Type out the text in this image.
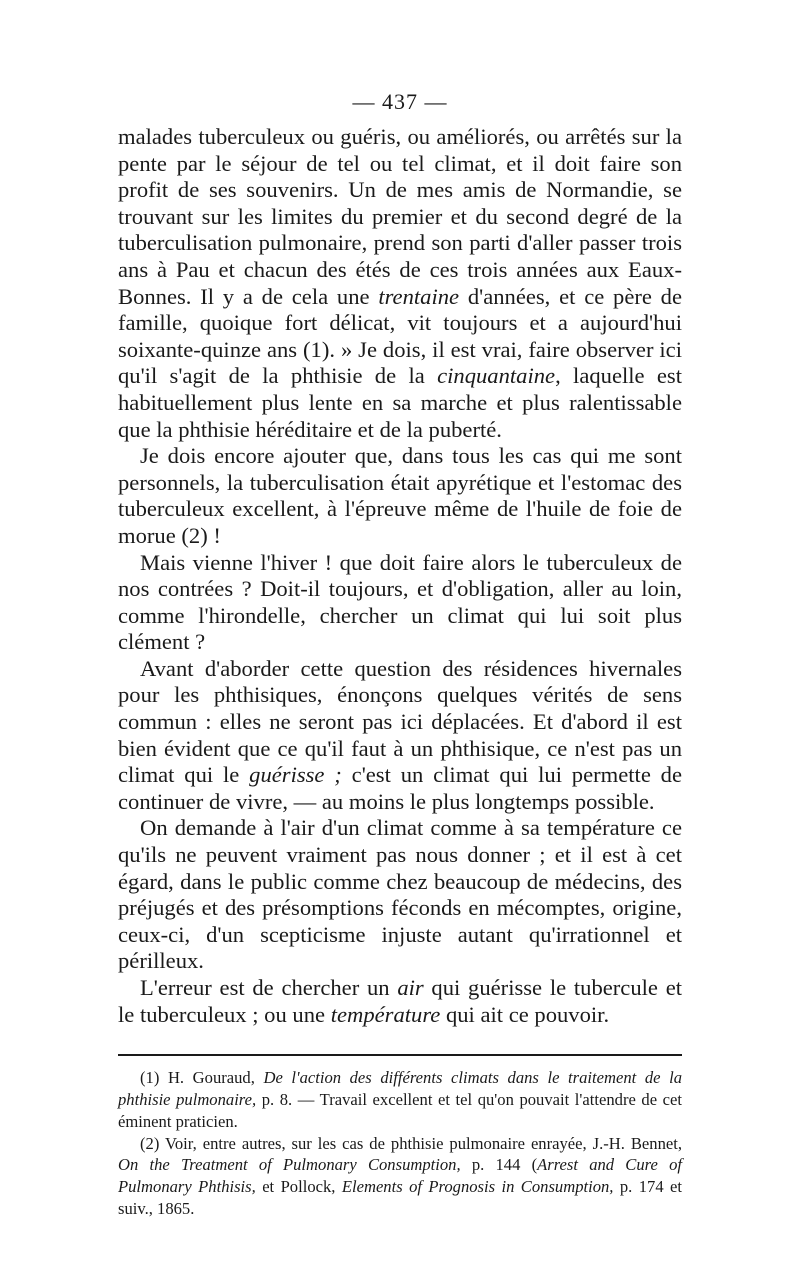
— 437 —

malades tuberculeux ou guéris, ou améliorés, ou arrêtés sur la pente par le séjour de tel ou tel climat, et il doit faire son profit de ses souvenirs. Un de mes amis de Normandie, se trouvant sur les limites du premier et du second degré de la tuberculisation pulmonaire, prend son parti d'aller passer trois ans à Pau et chacun des étés de ces trois années aux Eaux-Bonnes. Il y a de cela une trentaine d'années, et ce père de famille, quoique fort délicat, vit toujours et a aujourd'hui soixante-quinze ans (1). » Je dois, il est vrai, faire observer ici qu'il s'agit de la phthisie de la cinquantaine, laquelle est habituellement plus lente en sa marche et plus ralentissable que la phthisie héréditaire et de la puberté.

Je dois encore ajouter que, dans tous les cas qui me sont personnels, la tuberculisation était apyrétique et l'estomac des tuberculeux excellent, à l'épreuve même de l'huile de foie de morue (2) !

Mais vienne l'hiver ! que doit faire alors le tuberculeux de nos contrées ? Doit-il toujours, et d'obligation, aller au loin, comme l'hirondelle, chercher un climat qui lui soit plus clément ?

Avant d'aborder cette question des résidences hivernales pour les phthisiques, énonçons quelques vérités de sens commun : elles ne seront pas ici déplacées. Et d'abord il est bien évident que ce qu'il faut à un phthisique, ce n'est pas un climat qui le guérisse ; c'est un climat qui lui permette de continuer de vivre, — au moins le plus longtemps possible.

On demande à l'air d'un climat comme à sa température ce qu'ils ne peuvent vraiment pas nous donner ; et il est à cet égard, dans le public comme chez beaucoup de médecins, des préjugés et des présomptions féconds en mécomptes, origine, ceux-ci, d'un scepticisme injuste autant qu'irrationnel et périlleux.

L'erreur est de chercher un air qui guérisse le tubercule et le tuberculeux ; ou une température qui ait ce pouvoir.

(1) H. Gouraud, De l'action des différents climats dans le traitement de la phthisie pulmonaire, p. 8. — Travail excellent et tel qu'on pouvait l'attendre de cet éminent praticien.

(2) Voir, entre autres, sur les cas de phthisie pulmonaire enrayée, J.-H. Bennet, On the Treatment of Pulmonary Consumption, p. 144 (Arrest and Cure of Pulmonary Phthisis, et Pollock, Elements of Prognosis in Consumption, p. 174 et suiv., 1865.
